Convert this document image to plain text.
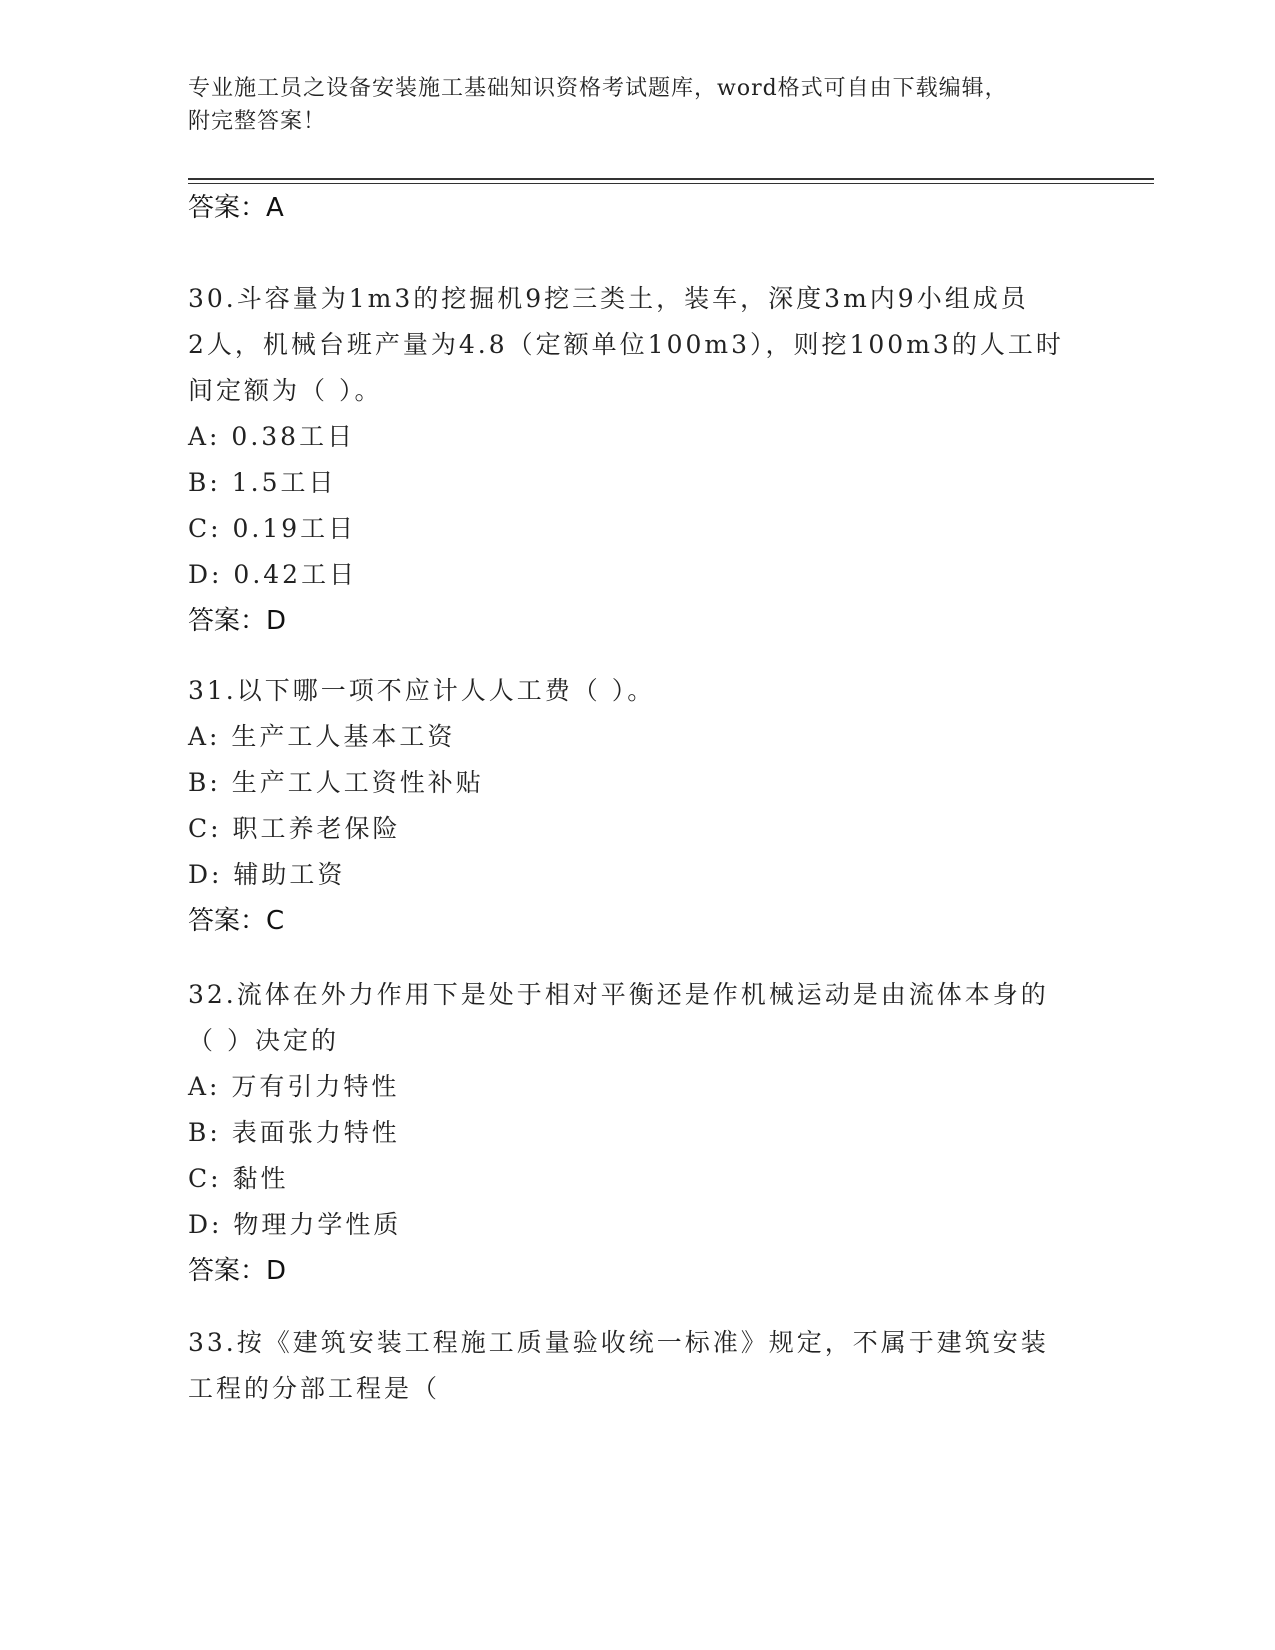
专业施工员之设备安装施工基础知识资格考试题库，word格式可自由下载编辑，
附完整答案！
答案：A
30.斗容量为1m3的挖掘机9挖三类土，装车，深度3m内9小组成员
2人，机械台班产量为4.8（定额单位100m3），则挖100m3的人工时
间定额为（ ）。
A: 0.38工日
B: 1.5工日
C: 0.19工日
D: 0.42工日
答案：D
31.以下哪一项不应计人人工费（ ）。
A: 生产工人基本工资
B: 生产工人工资性补贴
C: 职工养老保险
D: 辅助工资
答案：C
32.流体在外力作用下是处于相对平衡还是作机械运动是由流体本身的
（ ）决定的
A: 万有引力特性
B: 表面张力特性
C: 黏性
D: 物理力学性质
答案：D
33.按《建筑安装工程施工质量验收统一标准》规定，不属于建筑安装
工程的分部工程是（
